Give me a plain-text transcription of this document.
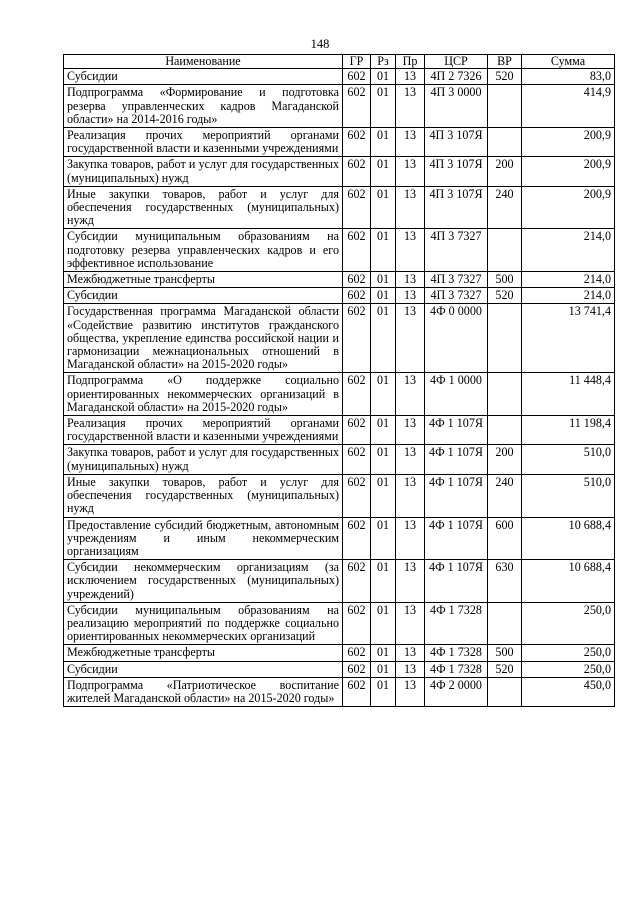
148
Наименование	ГР	Рз	Пр	ЦСР	ВР	Сумма
Субсидии	602	01	13	4П 2 7326	520	83,0
Подпрограмма «Формирование и подготовка резерва управленческих кадров Магаданской области» на 2014-2016 годы»	602	01	13	4П 3 0000		414,9
Реализация прочих мероприятий органами государственной власти и казенными учреждениями	602	01	13	4П 3 107Я		200,9
Закупка товаров, работ и услуг для государственных (муниципальных) нужд	602	01	13	4П 3 107Я	200	200,9
Иные закупки товаров, работ и услуг для обеспечения государственных (муниципальных) нужд	602	01	13	4П 3 107Я	240	200,9
Субсидии муниципальным образованиям на подготовку резерва управленческих кадров и его эффективное использование	602	01	13	4П 3 7327		214,0
Межбюджетные трансферты	602	01	13	4П 3 7327	500	214,0
Субсидии	602	01	13	4П 3 7327	520	214,0
Государственная программа Магаданской области «Содействие развитию институтов гражданского общества, укрепление единства российской нации и гармонизации межнациональных отношений в Магаданской области» на 2015-2020 годы»	602	01	13	4Ф 0 0000		13 741,4
Подпрограмма «О поддержке социально ориентированных некоммерческих организаций в Магаданской области» на 2015-2020 годы»	602	01	13	4Ф 1 0000		11 448,4
Реализация прочих мероприятий органами государственной власти и казенными учреждениями	602	01	13	4Ф 1 107Я		11 198,4
Закупка товаров, работ и услуг для государственных (муниципальных) нужд	602	01	13	4Ф 1 107Я	200	510,0
Иные закупки товаров, работ и услуг для обеспечения государственных (муниципальных) нужд	602	01	13	4Ф 1 107Я	240	510,0
Предоставление субсидий бюджетным, автономным учреждениям и иным некоммерческим организациям	602	01	13	4Ф 1 107Я	600	10 688,4
Субсидии некоммерческим организациям (за исключением государственных (муниципальных) учреждений)	602	01	13	4Ф 1 107Я	630	10 688,4
Субсидии муниципальным образованиям на реализацию мероприятий по поддержке социально ориентированных некоммерческих организаций	602	01	13	4Ф 1 7328		250,0
Межбюджетные трансферты	602	01	13	4Ф 1 7328	500	250,0
Субсидии	602	01	13	4Ф 1 7328	520	250,0
Подпрограмма «Патриотическое воспитание жителей Магаданской области» на 2015-2020 годы»	602	01	13	4Ф 2 0000		450,0
